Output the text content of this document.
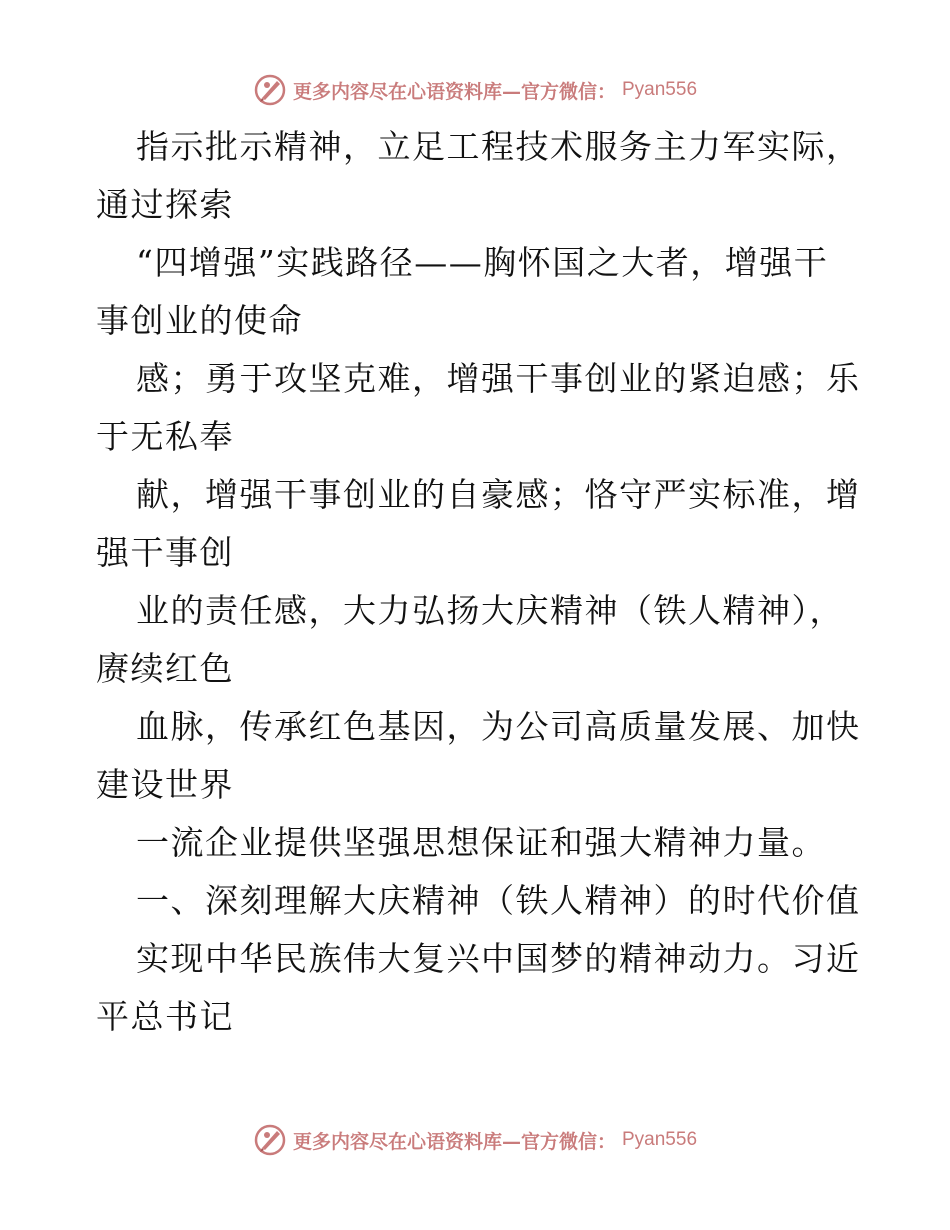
更多内容尽在心语资料库—官方微信： Pyan556

指示批示精神，立足工程技术服务主力军实际，

通过探索

“四增强”实践路径——胸怀国之大者，增强干

事创业的使命

感；勇于攻坚克难，增强干事创业的紧迫感；乐

于无私奉

献，增强干事创业的自豪感；恪守严实标准，增

强干事创

业的责任感，大力弘扬大庆精神（铁人精神），

赓续红色

血脉，传承红色基因，为公司高质量发展、加快

建设世界

一流企业提供坚强思想保证和强大精神力量。

一、深刻理解大庆精神（铁人精神）的时代价值

实现中华民族伟大复兴中国梦的精神动力。习近

平总书记

更多内容尽在心语资料库—官方微信： Pyan556
